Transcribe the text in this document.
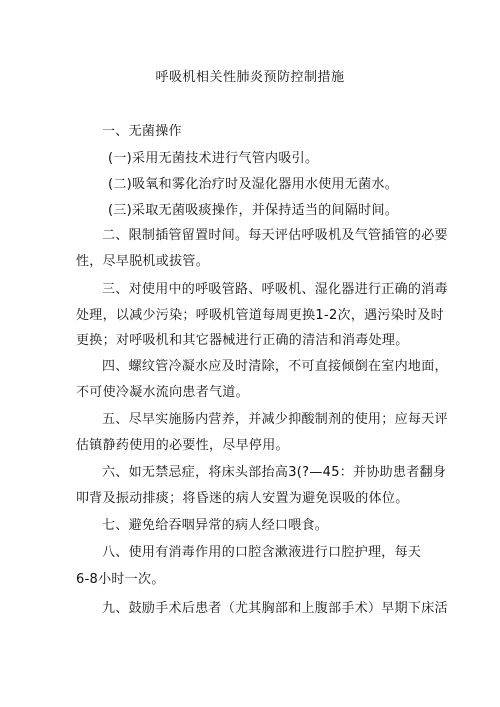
呼吸机相关性肺炎预防控制措施
一、无菌操作
(一)采用无菌技术进行气管内吸引。
(二)吸氧和雾化治疗时及湿化器用水使用无菌水。
(三)采取无菌吸痰操作，并保持适当的间隔时间。
二、限制插管留置时间。每天评估呼吸机及气管插管的必要
性，尽早脱机或拔管。
三、对使用中的呼吸管路、呼吸机、湿化器进行正确的消毒
处理，以减少污染；呼吸机管道每周更换1-2次，遇污染时及时
更换；对呼吸机和其它器械进行正确的清洁和消毒处理。
四、螺纹管冷凝水应及时清除，不可直接倾倒在室内地面，
不可使冷凝水流向患者气道。
五、尽早实施肠内营养，并减少抑酸制剂的使用；应每天评
估镇静药使用的必要性，尽早停用。
六、如无禁忌症，将床头部抬高3(?—45：并协助患者翻身
叩背及振动排痰；将昏迷的病人安置为避免误吸的体位。
七、避免给吞咽异常的病人经口喂食。
八、使用有消毒作用的口腔含漱液进行口腔护理，每天
6-8小时一次。
九、鼓励手术后患者（尤其胸部和上腹部手术）早期下床活
